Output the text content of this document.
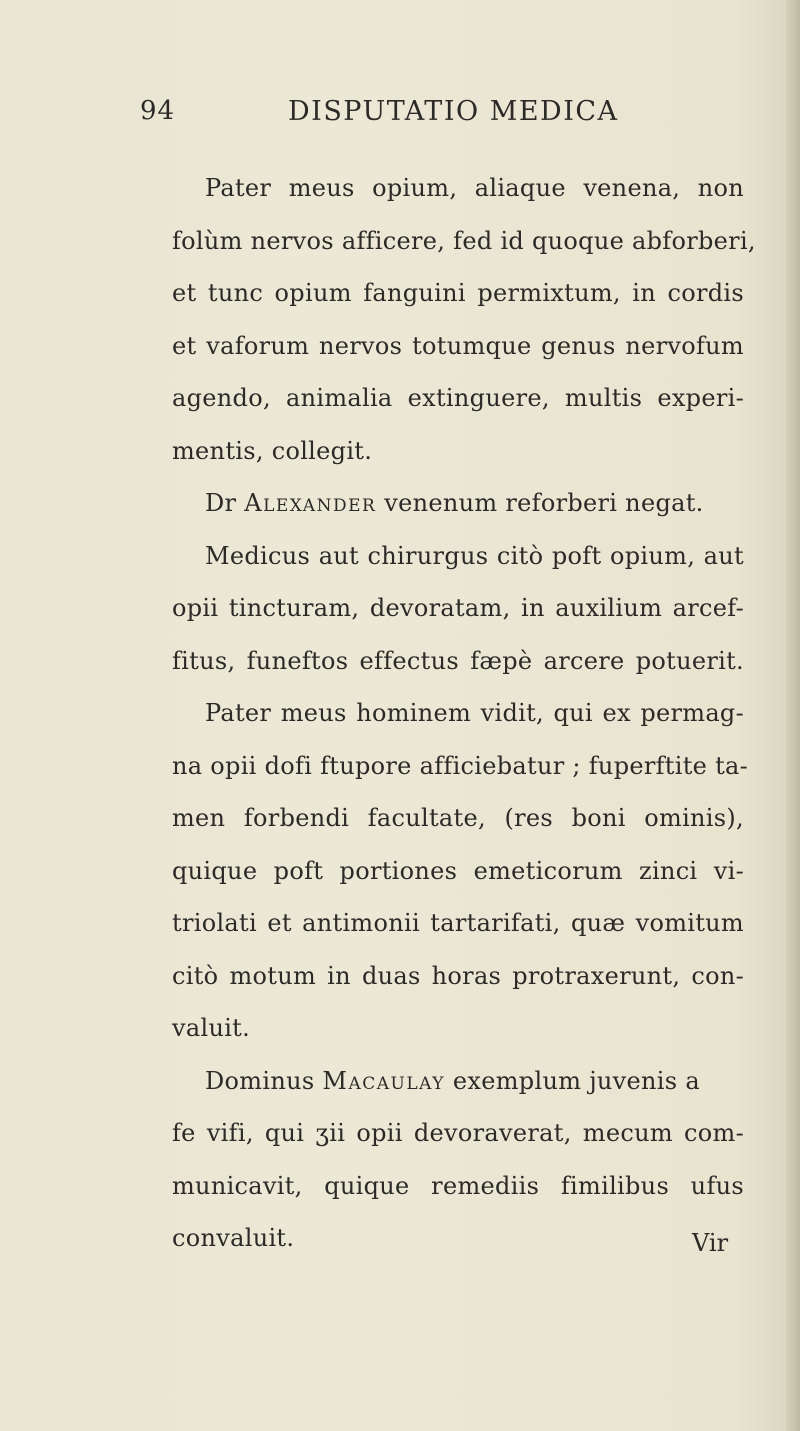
94	DISPUTATIO MEDICA
Pater meus opium, aliaque venena, non
folùm nervos afficere, fed id quoque abforberi,
et tunc opium fanguini permixtum, in cordis
et vaforum nervos totumque genus nervofum
agendo, animalia extinguere, multis experi-
mentis, collegit.
Dr Alexander venenum reforberi negat.
Medicus aut chirurgus citò poft opium, aut
opii tincturam, devoratam, in auxilium arcef-
fitus, funeftos effectus fæpè arcere potuerit.
Pater meus hominem vidit, qui ex permag-
na opii dofi ftupore afficiebatur ; fuperftite ta-
men forbendi facultate, (res boni ominis),
quique poft portiones emeticorum zinci vi-
triolati et antimonii tartarifati, quæ vomitum
citò motum in duas horas protraxerunt, con-
valuit.
Dominus Macaulay exemplum juvenis a
fe vifi, qui ʒii opii devoraverat, mecum com-
municavit, quique remediis fimilibus ufus
convaluit.	Vir
